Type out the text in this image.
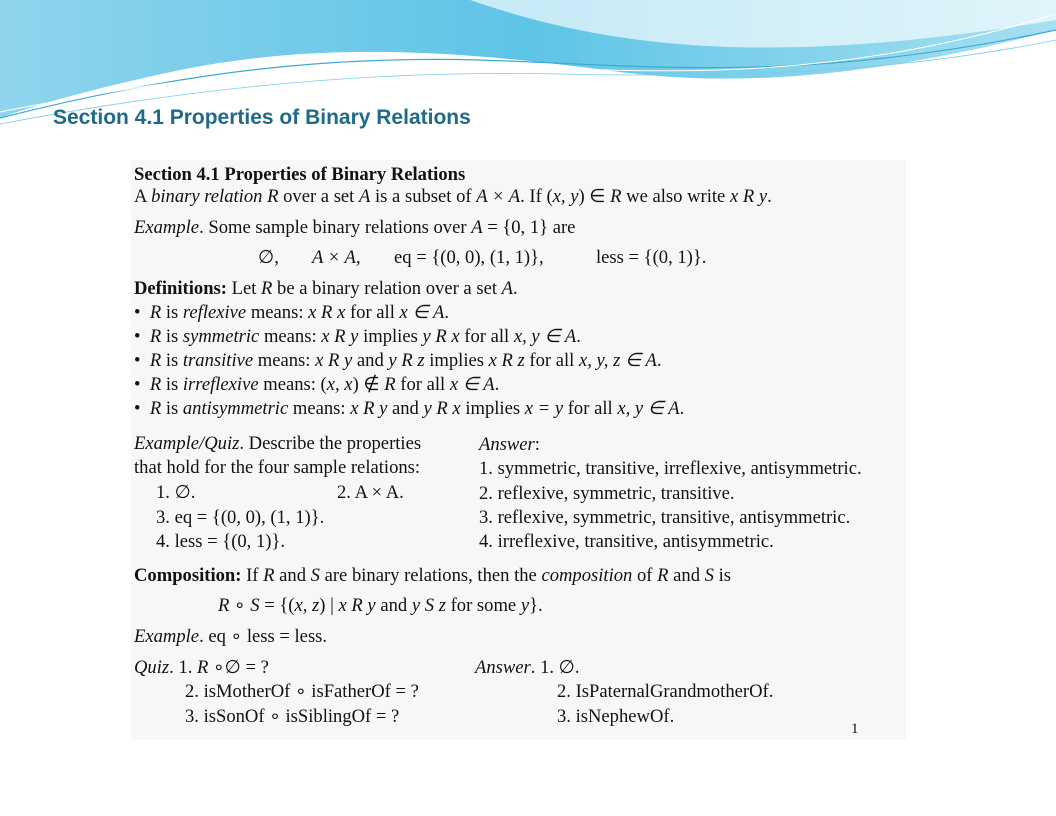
Section 4.1 Properties of Binary Relations
Section 4.1 Properties of Binary Relations
A binary relation R over a set A is a subset of A × A. If (x, y) ∈ R we also write x R y.
Example. Some sample binary relations over A = {0, 1} are
∅, A × A, eq = {(0, 0), (1, 1)},	less = {(0, 1)}.
Definitions: Let R be a binary relation over a set A.
• R is reflexive means: x R x for all x ∈ A.
• R is symmetric means: x R y implies y R x for all x, y ∈ A.
• R is transitive means: x R y and y R z implies x R z for all x, y, z ∈ A.
• R is irreflexive means: (x, x) ∉ R for all x ∈ A.
• R is antisymmetric means: x R y and y R x implies x = y for all x, y ∈ A.
Example/Quiz. Describe the properties
that hold for the four sample relations:
1. ∅.	2. A × A.
3. eq = {(0, 0), (1, 1)}.
4. less = {(0, 1)}.
Answer:
1. symmetric, transitive, irreflexive, antisymmetric.
2. reflexive, symmetric, transitive.
3. reflexive, symmetric, transitive, antisymmetric.
4. irreflexive, transitive, antisymmetric.
Composition: If R and S are binary relations, then the composition of R and S is
R ∘ S = {(x, z) | x R y and y S z for some y}.
Example. eq ∘ less = less.
Quiz. 1. R ∘∅ = ?
2. isMotherOf ∘ isFatherOf = ?
3. isSonOf ∘ isSiblingOf = ?
Answer. 1. ∅.
2. IsPaternalGrandmotherOf.
3. isNephewOf.
1
